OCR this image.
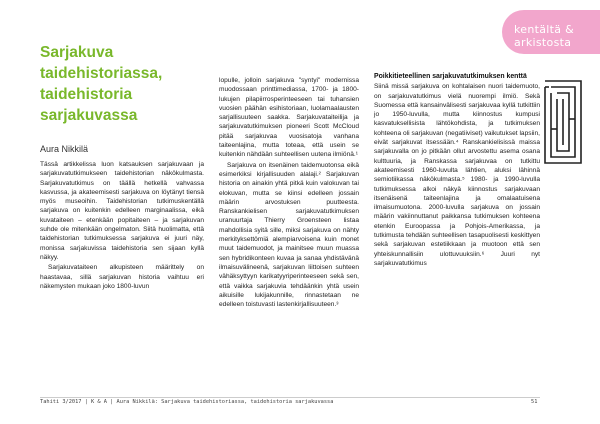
kentältä & arkistosta
Sarjakuva
taidehistoriassa,
taidehistoria
sarjakuvassa
Aura Nikkilä

Tässä artikkelissa luon katsauksen sarjakuvaan ja sarjakuvatutkimukseen taidehistorian näkökulmasta. Sarjakuvatutkimus on täällä hetkellä vahvassa kasvussa, ja akateemisesti sarjakuva on löytänyt tiensä myös museoihin. Taidehistorian tutkimuskentällä sarjakuva on kuitenkin edelleen marginaalissa, eikä kuvataiteen – etenkään popitaiteen – ja sarjakuvan suhde ole mitenkään ongelmaton. Siitä huolimatta, että taidehistorian tutkimuksessa sarjakuva ei juuri näy, monissa sarjakuvissa taidehistoria sen sijaan kyllä näkyy.

Sarjakuvataiteen alkupisteen määrittely on haastavaa, sillä sarjakuvan historia vaihtuu eri näkemysten mukaan joko 1800-luvun

lopulle, jolloin sarjakuva "syntyi" modernissa muodossaan printtimediassa, 1700- ja 1800-lukujen pilapiirrosperinteeseen tai tuhansien vuosien päähän esihistoriaan, luolamaalausten sarjallisuuteen saakka. Sarjakuvataiteilija ja sarjakuvatutkimuksen pioneeri Scott McCloud pitää sarjakuvaa vuosisatoja vanhana taiteenlajina, mutta toteaa, että usein se kuitenkin nähdään suhteellisen uutena ilmiönä.¹

Sarjakuva on itsenäinen taidemuotonsa eikä esimerkiksi kirjallisuuden alalaji.² Sarjakuvan historia on ainakin yhtä pitkä kuin valokuvan tai elokuvan, mutta se kiinsi edelleen jossain määrin arvostuksen puutteesta. Ranskankielisen sarjakuvatutkimuksen uranuurtaja Thierry Groensteen listaa mahdollisia syitä sille, miksi sarjakuva on nähty merkityksettömiä alempiarvoisena kuin monet muut taidemuodot, ja mainitsee muun muassa sen hybridikonteen kuvaa ja sanaa yhdistävänä ilmaisuvälineenä, sarjakuvan liittoisen suhteen vähäksyttyyn karikatyyriperinteeseen sekä sen, että vaikka sarjakuvia tehdäänkin yhtä usein aikuisille lukijakunnille, rinnastetaan ne edelleen toistuvasti lastenkirjallisuuteen.³

Poikkitieteellinen sarjakuvatutkimuksen kenttä

Siinä missä sarjakuva on kohtalaisen nuori taidemuoto, on sarjakuvatutkimus vielä nuorempi ilmiö. Sekä Suomessa että kansainvälisesti sarjakuvaa kyllä tutkittiin jo 1950-luvulla, mutta kiinnostus kumpusi kasvatuksellisista lähtökohdista, ja tutkimuksen kohteena oli sarjakuvan (negatiiviset) vaikutukset lapsiin, eivät sarjakuvat itsessään.⁴ Ranskankielisissä maissa sarjakuvalla on jo pitkään ollut arvostettu asema osana kulttuuria, ja Ranskassa sarjakuvaa on tutkittu akateemisesti 1960-luvulta lähtien, aluksi lähinnä semiotiikassa näkökulmasta.⁵ 1980- ja 1990-luvulla tutkimuksessa alkoi näkyä kiinnostus sarjakuvaan itsenäisenä taiteenlajina ja omalaatuisena ilmaisumuotona. 2000-luvulla sarjakuva on jossain määrin vakiinnuttanut paikkansa tutkimuksen kohteena etenkin Euroopassa ja Pohjois-Amerikassa, ja tutkimusta tehdään suhteellisen tasapuolisesti keskittyen sekä sarjakuvan estetiikkaan ja muotoon että sen yhteiskunnallisiin ulottuvuuksiin.⁶ Juuri nyt sarjakuvatutkimus

Tahiti 3/2017 | K & A | Aura Nikkilä: Sarjakuva taidehistoriassa, taidehistoria sarjakuvassa	51
